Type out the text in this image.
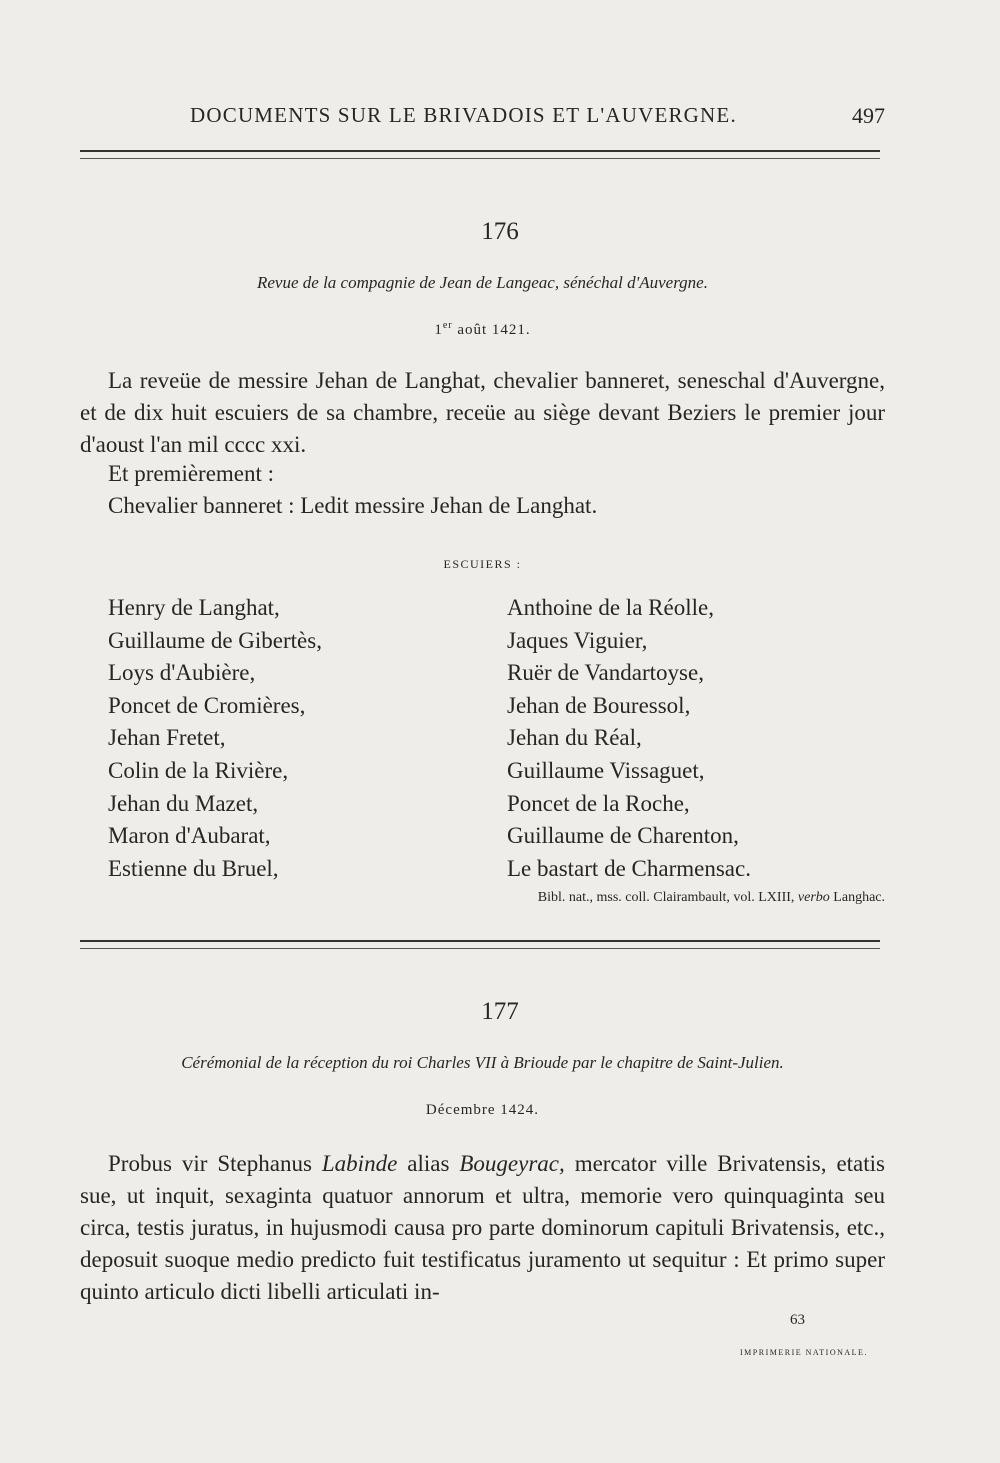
DOCUMENTS SUR LE BRIVADOIS ET L'AUVERGNE.	497
176
Revue de la compagnie de Jean de Langeac, sénéchal d'Auvergne.
1er août 1421.
La reveüe de messire Jehan de Langhat, chevalier banneret, seneschal d'Auvergne, et de dix huit escuiers de sa chambre, receüe au siège devant Beziers le premier jour d'aoust l'an mil cccc xxi.
Et premièrement :
Chevalier banneret : Ledit messire Jehan de Langhat.
ESCUIERS :
Henry de Langhat,
Guillaume de Gibertès,
Loys d'Aubière,
Poncet de Cromières,
Jehan Fretet,
Colin de la Rivière,
Jehan du Mazet,
Maron d'Aubarat,
Estienne du Bruel,
Anthoine de la Réolle,
Jaques Viguier,
Ruër de Vandartoyse,
Jehan de Bouressol,
Jehan du Réal,
Guillaume Vissaguet,
Poncet de la Roche,
Guillaume de Charenton,
Le bastart de Charmensac.
Bibl. nat., mss. coll. Clairambault, vol. LXIII, verbo Langhac.
177
Cérémonial de la réception du roi Charles VII à Brioude par le chapitre de Saint-Julien.
Décembre 1424.
Probus vir Stephanus Labinde alias Bougeyrac, mercator ville Brivatensis, etatis sue, ut inquit, sexaginta quatuor annorum et ultra, memorie vero quinquaginta seu circa, testis juratus, in hujusmodi causa pro parte dominorum capituli Brivatensis, etc., deposuit suoque medio predicto fuit testificatus juramento ut sequitur : Et primo super quinto articulo dicti libelli articulati in-
63
IMPRIMERIE NATIONALE.
